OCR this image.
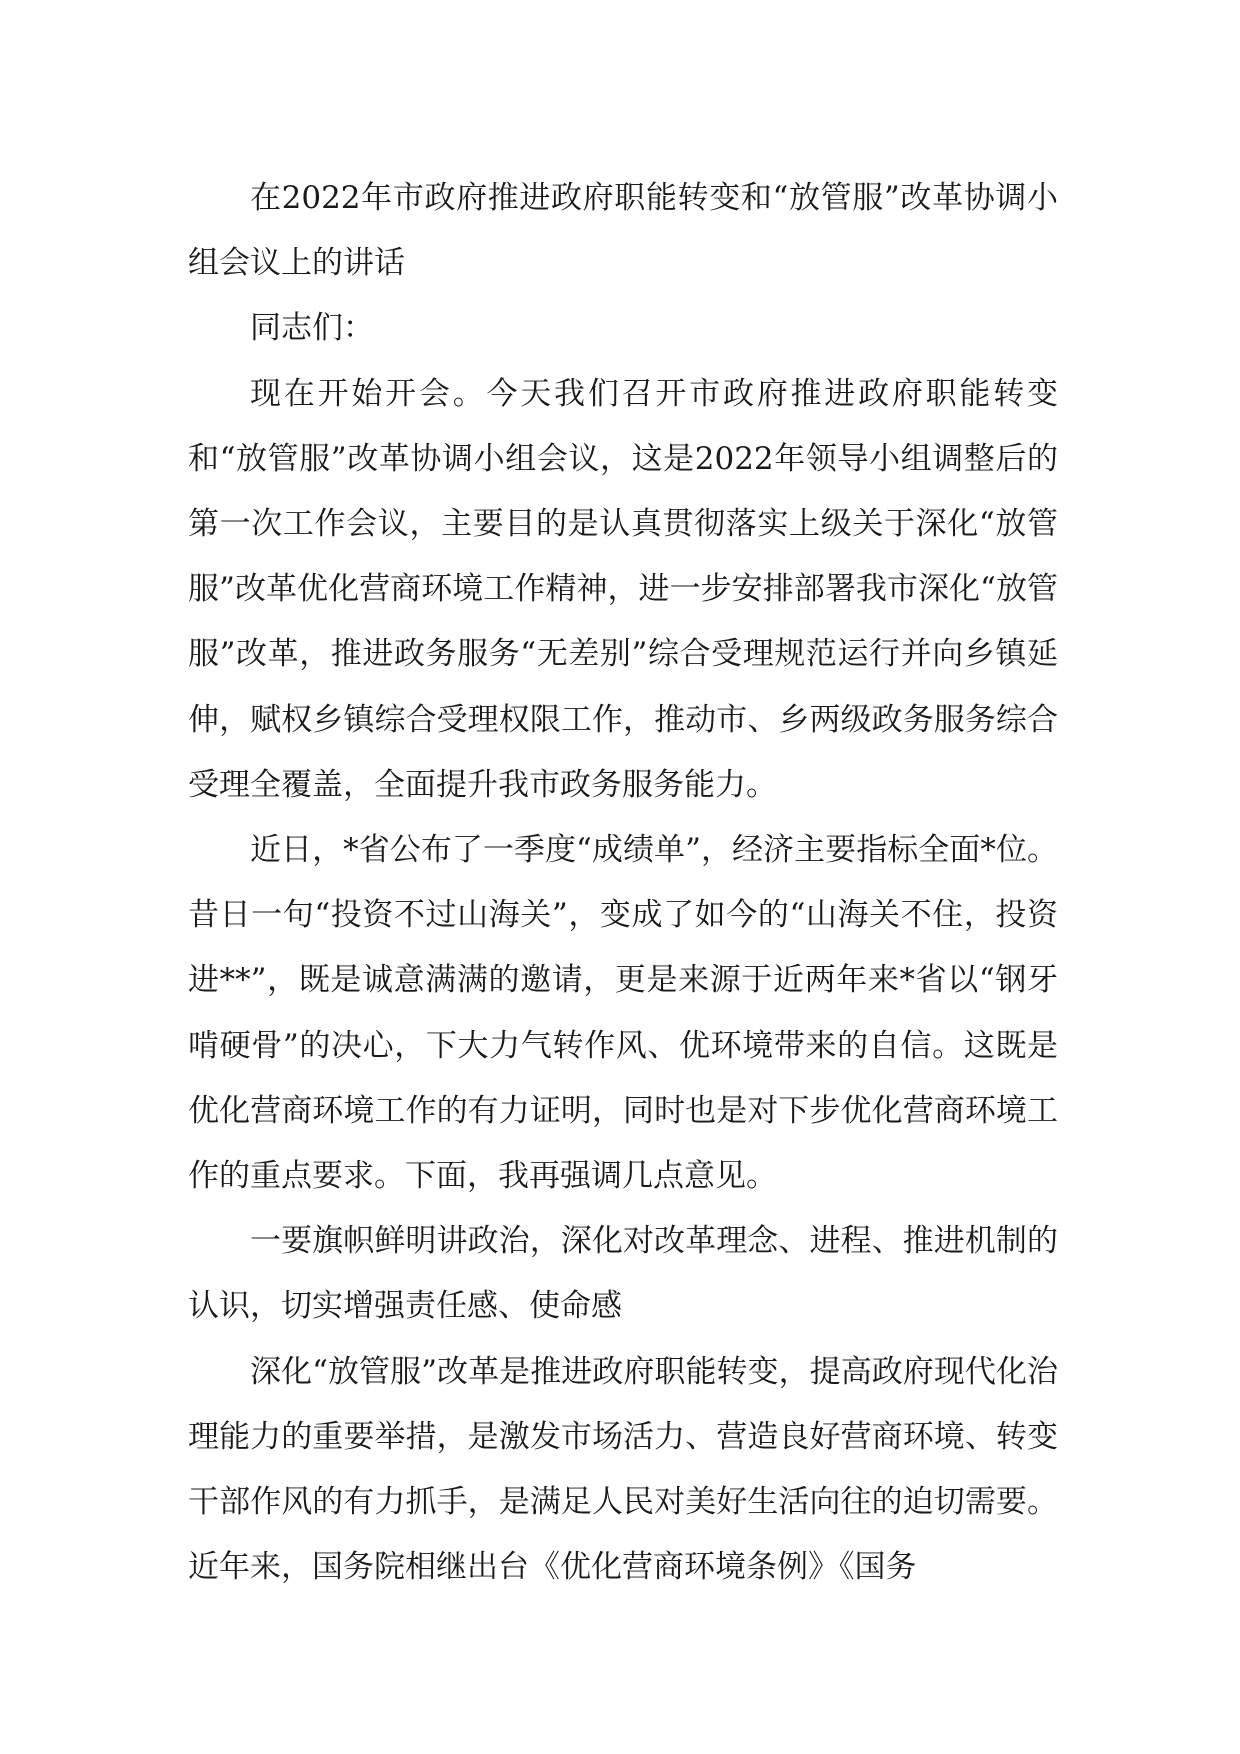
在2022年市政府推进政府职能转变和“放管服”改革协调小组会议上的讲话

同志们：

现在开始开会。今天我们召开市政府推进政府职能转变和“放管服”改革协调小组会议，这是2022年领导小组调整后的第一次工作会议，主要目的是认真贯彻落实上级关于深化“放管服”改革优化营商环境工作精神，进一步安排部署我市深化“放管服”改革，推进政务服务“无差别”综合受理规范运行并向乡镇延伸，赋权乡镇综合受理权限工作，推动市、乡两级政务服务综合受理全覆盖，全面提升我市政务服务能力。

近日，*省公布了一季度“成绩单”，经济主要指标全面*位。昔日一句“投资不过山海关”，变成了如今的“山海关不住，投资进**”，既是诚意满满的邀请，更是来源于近两年来*省以“钢牙啃硬骨”的决心，下大力气转作风、优环境带来的自信。这既是优化营商环境工作的有力证明，同时也是对下步优化营商环境工作的重点要求。下面，我再强调几点意见。

一要旗帜鲜明讲政治，深化对改革理念、进程、推进机制的认识，切实增强责任感、使命感

深化“放管服”改革是推进政府职能转变，提高政府现代化治理能力的重要举措，是激发市场活力、营造良好营商环境、转变干部作风的有力抓手，是满足人民对美好生活向往的迫切需要。近年来，国务院相继出台《优化营商环境条例》《国务
